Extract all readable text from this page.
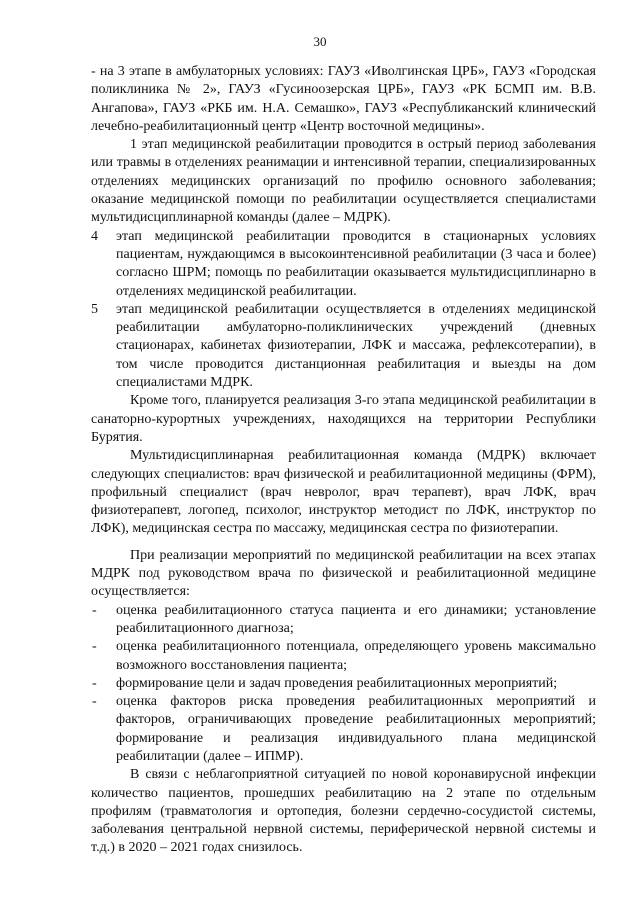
30

- на 3 этапе в амбулаторных условиях: ГАУЗ «Иволгинская ЦРБ», ГАУЗ «Городская поликлиника № 2», ГАУЗ «Гусиноозерская ЦРБ», ГАУЗ «РК БСМП им. В.В. Ангапова», ГАУЗ «РКБ им. Н.А. Семашко», ГАУЗ «Республиканский клинический лечебно-реабилитационный центр «Центр восточной медицины».

1 этап медицинской реабилитации проводится в острый период заболевания или травмы в отделениях реанимации и интенсивной терапии, специализированных отделениях медицинских организаций по профилю основного заболевания; оказание медицинской помощи по реабилитации осуществляется специалистами мультидисциплинарной команды (далее – МДРК).

4 этап медицинской реабилитации проводится в стационарных условиях пациентам, нуждающимся в высокоинтенсивной реабилитации (3 часа и более) согласно ШРМ; помощь по реабилитации оказывается мультидисциплинарно в отделениях медицинской реабилитации.
5 этап медицинской реабилитации осуществляется в отделениях медицинской реабилитации амбулаторно-поликлинических учреждений (дневных стационарах, кабинетах физиотерапии, ЛФК и массажа, рефлексотерапии), в том числе проводится дистанционная реабилитация и выезды на дом специалистами МДРК.

Кроме того, планируется реализация 3-го этапа медицинской реабилитации в санаторно-курортных учреждениях, находящихся на территории Республики Бурятия.

Мультидисциплинарная реабилитационная команда (МДРК) включает следующих специалистов: врач физической и реабилитационной медицины (ФРМ), профильный специалист (врач невролог, врач терапевт), врач ЛФК, врач физиотерапевт, логопед, психолог, инструктор методист по ЛФК, инструктор по ЛФК), медицинская сестра по массажу, медицинская сестра по физиотерапии.

При реализации мероприятий по медицинской реабилитации на всех этапах МДРК под руководством врача по физической и реабилитационной медицине осуществляется:

- оценка реабилитационного статуса пациента и его динамики; установление реабилитационного диагноза;
- оценка реабилитационного потенциала, определяющего уровень максимально возможного восстановления пациента;
- формирование цели и задач проведения реабилитационных мероприятий;
- оценка факторов риска проведения реабилитационных мероприятий и факторов, ограничивающих проведение реабилитационных мероприятий; формирование и реализация индивидуального плана медицинской реабилитации (далее – ИПМР).

В связи с неблагоприятной ситуацией по новой коронавирусной инфекции количество пациентов, прошедших реабилитацию на 2 этапе по отдельным профилям (травматология и ортопедия, болезни сердечно-сосудистой системы, заболевания центральной нервной системы, периферической нервной системы и т.д.) в 2020 – 2021 годах снизилось.
